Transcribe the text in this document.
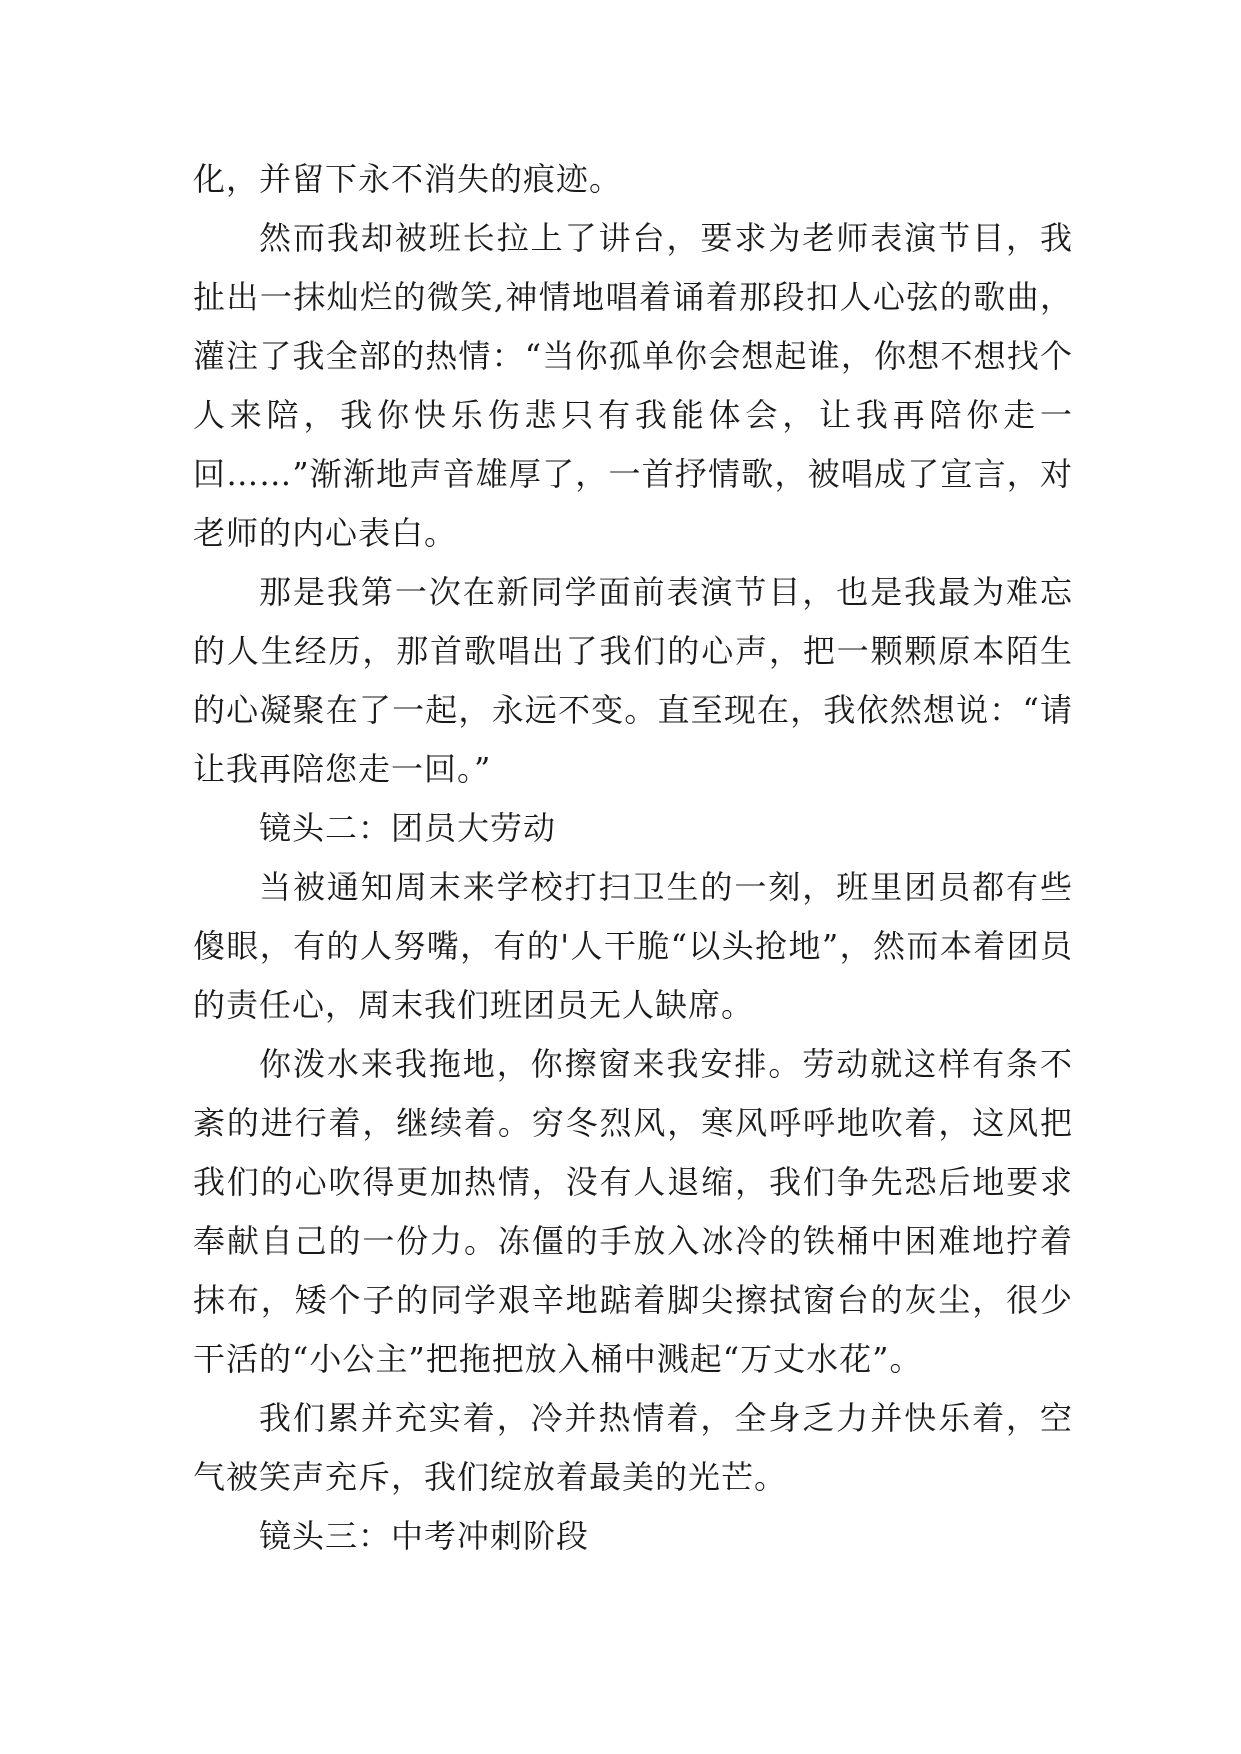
化，并留下永不消失的痕迹。

然而我却被班长拉上了讲台，要求为老师表演节目，我扯出一抹灿烂的微笑,神情地唱着诵着那段扣人心弦的歌曲，灌注了我全部的热情：“当你孤单你会想起谁，你想不想找个人来陪，我你快乐伤悲只有我能体会，让我再陪你走一回……”渐渐地声音雄厚了，一首抒情歌，被唱成了宣言，对老师的内心表白。

那是我第一次在新同学面前表演节目，也是我最为难忘的人生经历，那首歌唱出了我们的心声，把一颗颗原本陌生的心凝聚在了一起，永远不变。直至现在，我依然想说：“请让我再陪您走一回。”

镜头二：团员大劳动

当被通知周末来学校打扫卫生的一刻，班里团员都有些傻眼，有的人努嘴，有的'人干脆“以头抢地”，然而本着团员的责任心，周末我们班团员无人缺席。

你泼水来我拖地，你擦窗来我安排。劳动就这样有条不紊的进行着，继续着。穷冬烈风，寒风呼呼地吹着，这风把我们的心吹得更加热情，没有人退缩，我们争先恐后地要求奉献自己的一份力。冻僵的手放入冰冷的铁桶中困难地拧着抹布，矮个子的同学艰辛地踮着脚尖擦拭窗台的灰尘，很少干活的“小公主”把拖把放入桶中溅起“万丈水花”。

我们累并充实着，冷并热情着，全身乏力并快乐着，空气被笑声充斥，我们绽放着最美的光芒。

镜头三：中考冲刺阶段
